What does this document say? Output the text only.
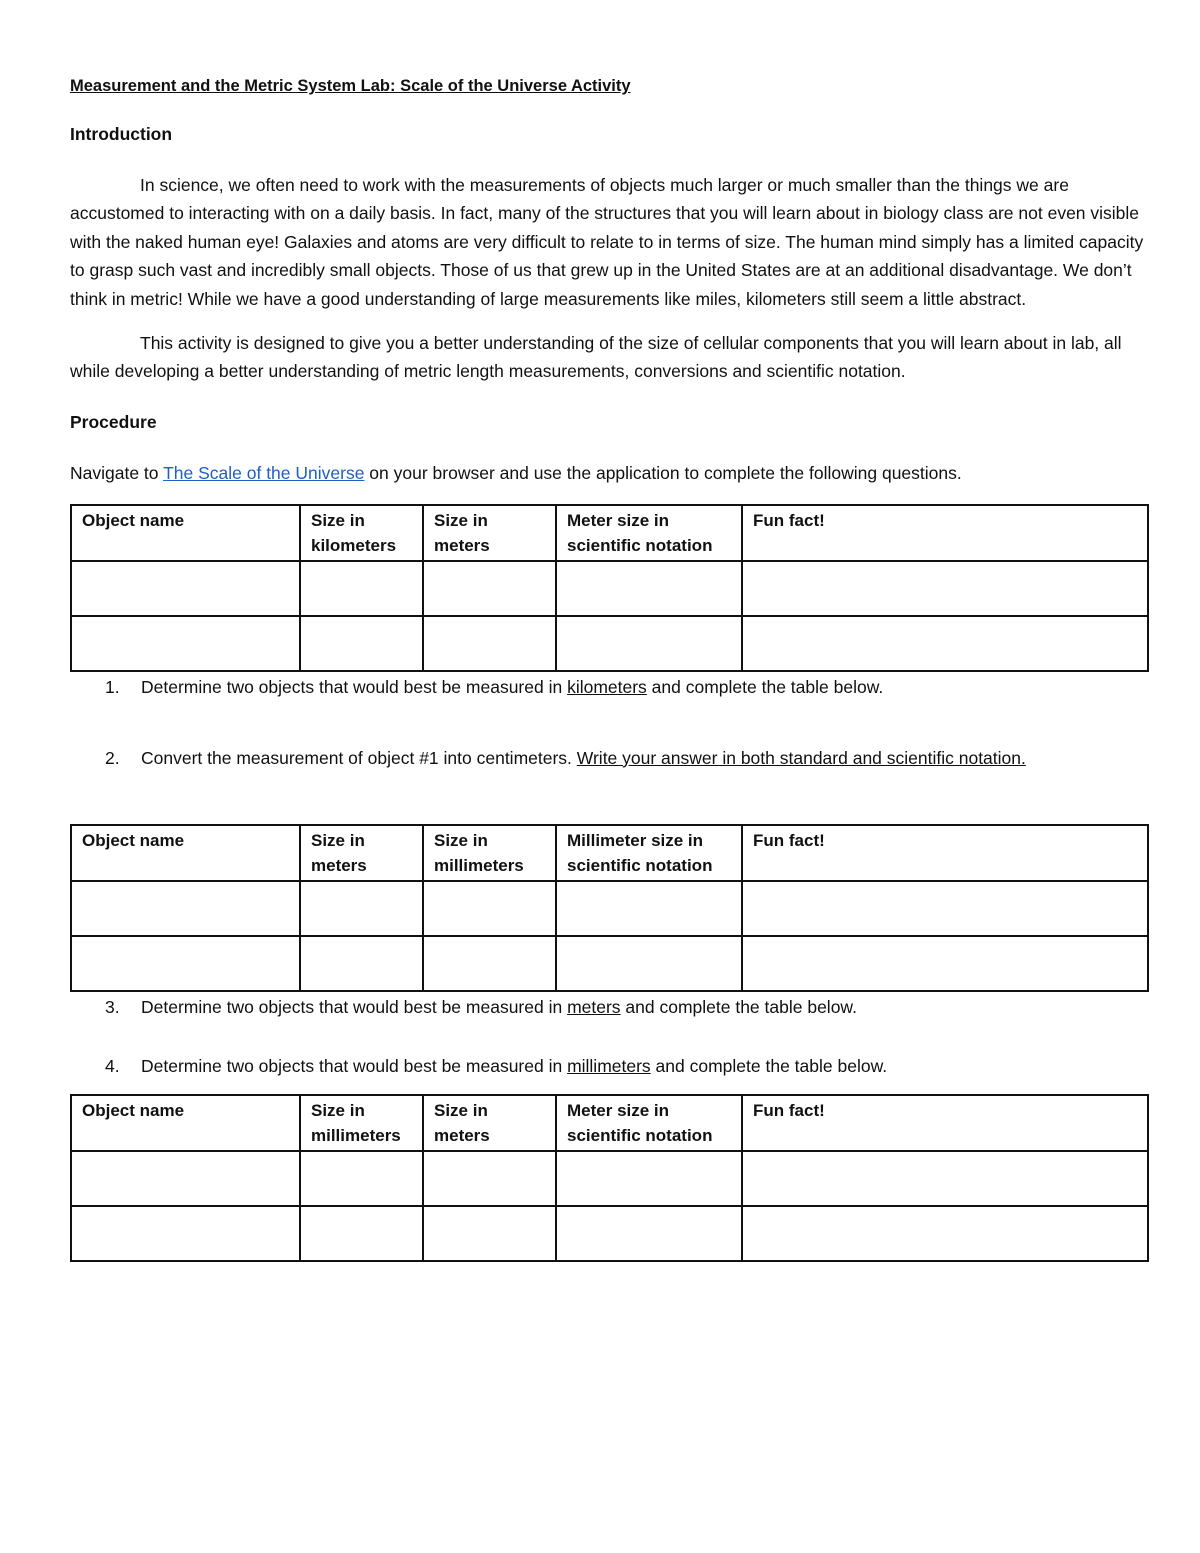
Measurement and the Metric System Lab: Scale of the Universe Activity

Introduction

In science, we often need to work with the measurements of objects much larger or much smaller than the things we are accustomed to interacting with on a daily basis. In fact, many of the structures that you will learn about in biology class are not even visible with the naked human eye! Galaxies and atoms are very difficult to relate to in terms of size. The human mind simply has a limited capacity to grasp such vast and incredibly small objects. Those of us that grew up in the United States are at an additional disadvantage. We don’t think in metric! While we have a good understanding of large measurements like miles, kilometers still seem a little abstract.

This activity is designed to give you a better understanding of the size of cellular components that you will learn about in lab, all while developing a better understanding of metric length measurements, conversions and scientific notation.

Procedure

Navigate to The Scale of the Universe on your browser and use the application to complete the following questions.

Object name	Size in kilometers	Size in meters	Meter size in scientific notation	Fun fact!

1. Determine two objects that would best be measured in kilometers and complete the table below.
2. Convert the measurement of object #1 into centimeters. Write your answer in both standard and scientific notation.
Object name	Size in meters	Size in millimeters	Millimeter size in scientific notation	Fun fact!

3. Determine two objects that would best be measured in meters and complete the table below.
4. Determine two objects that would best be measured in millimeters and complete the table below.
Object name	Size in millimeters	Size in meters	Meter size in scientific notation	Fun fact!
